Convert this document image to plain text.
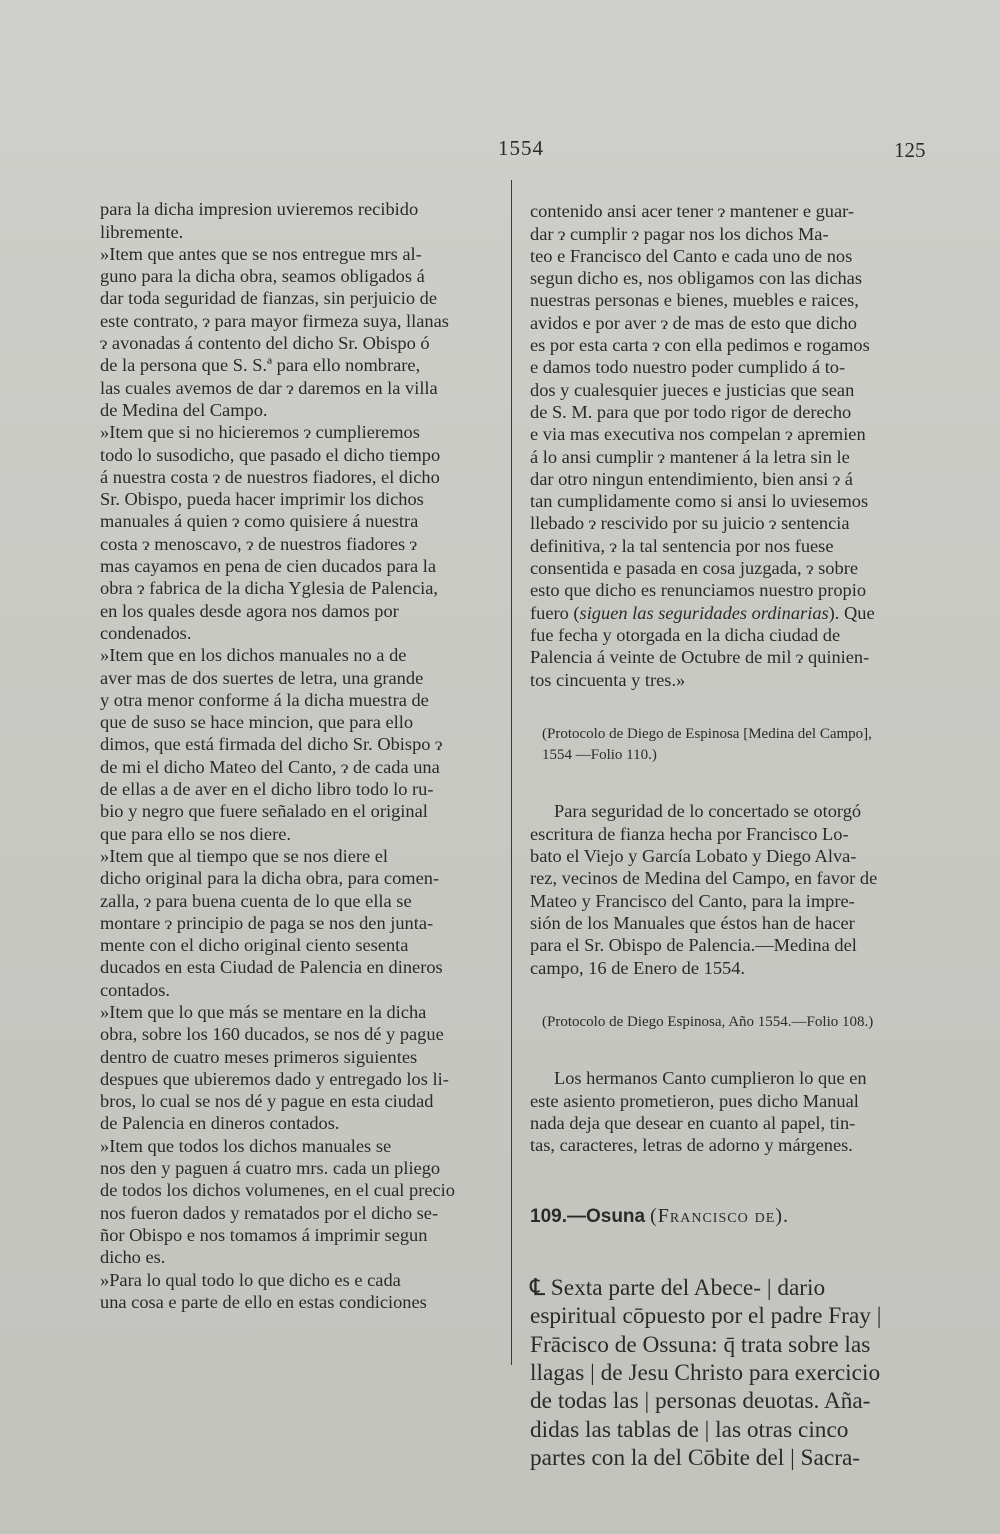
1554	125

para la dicha impresion uvieremos recibido
libremente.
»Item que antes que se nos entregue mrs al-
guno para la dicha obra, seamos obligados á
dar toda seguridad de fianzas, sin perjuicio de
este contrato, ɂ para mayor firmeza suya, llanas
ɂ avonadas á contento del dicho Sr. Obispo ó
de la persona que S. S.ª para ello nombrare,
las cuales avemos de dar ɂ daremos en la villa
de Medina del Campo.
»Item que si no hicieremos ɂ cumplieremos
todo lo susodicho, que pasado el dicho tiempo
á nuestra costa ɂ de nuestros fiadores, el dicho
Sr. Obispo, pueda hacer imprimir los dichos
manuales á quien ɂ como quisiere á nuestra
costa ɂ menoscavo, ɂ de nuestros fiadores ɂ
mas cayamos en pena de cien ducados para la
obra ɂ fabrica de la dicha Yglesia de Palencia,
en los quales desde agora nos damos por
condenados.
»Item que en los dichos manuales no a de
aver mas de dos suertes de letra, una grande
y otra menor conforme á la dicha muestra de
que de suso se hace mincion, que para ello
dimos, que está firmada del dicho Sr. Obispo ɂ
de mi el dicho Mateo del Canto, ɂ de cada una
de ellas a de aver en el dicho libro todo lo ru-
bio y negro que fuere señalado en el original
que para ello se nos diere.
»Item que al tiempo que se nos diere el
dicho original para la dicha obra, para comen-
zalla, ɂ para buena cuenta de lo que ella se
montare ɂ principio de paga se nos den junta-
mente con el dicho original ciento sesenta
ducados en esta Ciudad de Palencia en dineros
contados.
»Item que lo que más se mentare en la dicha
obra, sobre los 160 ducados, se nos dé y pague
dentro de cuatro meses primeros siguientes
despues que ubieremos dado y entregado los li-
bros, lo cual se nos dé y pague en esta ciudad
de Palencia en dineros contados.
»Item que todos los dichos manuales se
nos den y paguen á cuatro mrs. cada un pliego
de todos los dichos volumenes, en el cual precio
nos fueron dados y rematados por el dicho se-
ñor Obispo e nos tomamos á imprimir segun
dicho es.
»Para lo qual todo lo que dicho es e cada
una cosa e parte de ello en estas condiciones

contenido ansi acer tener ɂ mantener e guar-
dar ɂ cumplir ɂ pagar nos los dichos Ma-
teo e Francisco del Canto e cada uno de nos
segun dicho es, nos obligamos con las dichas
nuestras personas e bienes, muebles e raices,
avidos e por aver ɂ de mas de esto que dicho
es por esta carta ɂ con ella pedimos e rogamos
e damos todo nuestro poder cumplido á to-
dos y cualesquier jueces e justicias que sean
de S. M. para que por todo rigor de derecho
e via mas executiva nos compelan ɂ apremien
á lo ansi cumplir ɂ mantener á la letra sin le
dar otro ningun entendimiento, bien ansi ɂ á
tan cumplidamente como si ansi lo uviesemos
llebado ɂ rescivido por su juicio ɂ sentencia
definitiva, ɂ la tal sentencia por nos fuese
consentida e pasada en cosa juzgada, ɂ sobre
esto que dicho es renunciamos nuestro propio
fuero (siguen las seguridades ordinarias). Que
fue fecha y otorgada en la dicha ciudad de
Palencia á veinte de Octubre de mil ɂ quinien-
tos cincuenta y tres.»

(Protocolo de Diego de Espinosa [Medina del Campo],
1554 —Folio 110.)

Para seguridad de lo concertado se otorgó
escritura de fianza hecha por Francisco Lo-
bato el Viejo y García Lobato y Diego Alva-
rez, vecinos de Medina del Campo, en favor de
Mateo y Francisco del Canto, para la impre-
sión de los Manuales que éstos han de hacer
para el Sr. Obispo de Palencia.—Medina del
campo, 16 de Enero de 1554.

(Protocolo de Diego Espinosa, Año 1554.—Folio 108.)

Los hermanos Canto cumplieron lo que en
este asiento prometieron, pues dicho Manual
nada deja que desear en cuanto al papel, tin-
tas, caracteres, letras de adorno y márgenes.

109.—Osuna (Francisco de).

℄ Sexta parte del Abece- | dario
espiritual cōpuesto por el padre Fray |
Frācisco de Ossuna: q̄ trata sobre las
llagas | de Jesu Christo para exercicio
de todas las | personas deuotas. Aña-
didas las tablas de | las otras cinco
partes con la del Cōbite del | Sacra-
